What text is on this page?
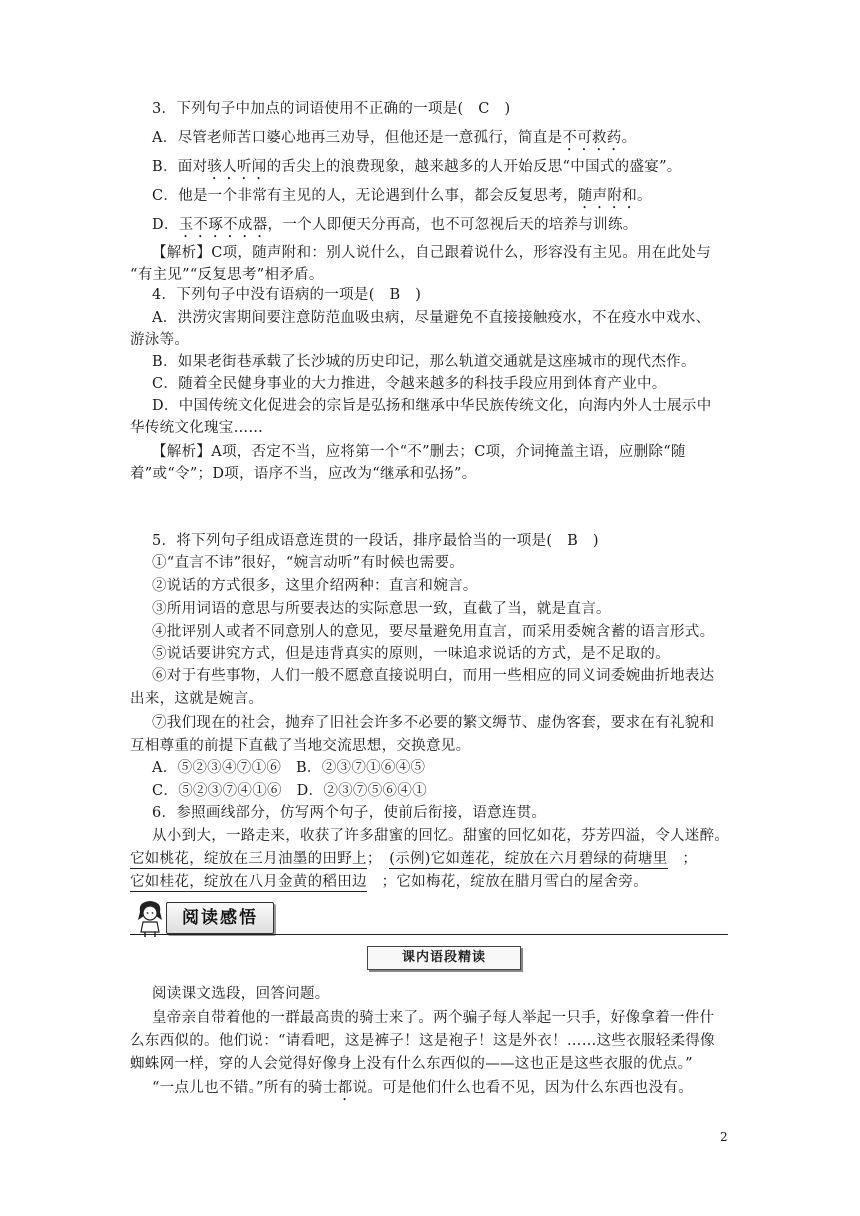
3．下列句子中加点的词语使用不正确的一项是(　C　)
A．尽管老师苦口婆心地再三劝导，但他还是一意孤行，简直是不可救药。
B．面对骇人听闻的舌尖上的浪费现象，越来越多的人开始反思“中国式的盛宴”。
C．他是一个非常有主见的人，无论遇到什么事，都会反复思考，随声附和。
D．玉不琢不成器，一个人即便天分再高，也不可忽视后天的培养与训练。
【解析】C项，随声附和：别人说什么，自己跟着说什么，形容没有主见。用在此处与
“有主见”“反复思考”相矛盾。
4．下列句子中没有语病的一项是(　B　)
A．洪涝灾害期间要注意防范血吸虫病，尽量避免不直接接触疫水，不在疫水中戏水、
游泳等。
B．如果老街巷承载了长沙城的历史印记，那么轨道交通就是这座城市的现代杰作。
C．随着全民健身事业的大力推进，令越来越多的科技手段应用到体育产业中。
D．中国传统文化促进会的宗旨是弘扬和继承中华民族传统文化，向海内外人士展示中
华传统文化瑰宝……
【解析】A项，否定不当，应将第一个“不”删去；C项，介词掩盖主语，应删除“随
着”或“令”；D项，语序不当，应改为“继承和弘扬”。
5．将下列句子组成语意连贯的一段话，排序最恰当的一项是(　B　)
①“直言不讳”很好，“婉言动听”有时候也需要。
②说话的方式很多，这里介绍两种：直言和婉言。
③所用词语的意思与所要表达的实际意思一致，直截了当，就是直言。
④批评别人或者不同意别人的意见，要尽量避免用直言，而采用委婉含蓄的语言形式。
⑤说话要讲究方式，但是违背真实的原则，一味追求说话的方式，是不足取的。
⑥对于有些事物，人们一般不愿意直接说明白，而用一些相应的同义词委婉曲折地表达
出来，这就是婉言。
⑦我们现在的社会，抛弃了旧社会许多不必要的繁文缛节、虚伪客套，要求在有礼貌和
互相尊重的前提下直截了当地交流思想，交换意见。
A．⑤②③④⑦①⑥　B．②③⑦①⑥④⑤
C．⑤②③⑦④①⑥　D．②③⑦⑤⑥④①
6．参照画线部分，仿写两个句子，使前后衔接，语意连贯。
从小到大，一路走来，收获了许多甜蜜的回忆。甜蜜的回忆如花，芬芳四溢，令人迷醉。
它如桃花，绽放在三月油墨的田野上；　 (示例)它如莲花，绽放在六月碧绿的荷塘里　 ；
它如桂花，绽放在八月金黄的稻田边　 ；它如梅花，绽放在腊月雪白的屋舍旁。
阅读感悟
课内语段精读
阅读课文选段，回答问题。
皇帝亲自带着他的一群最高贵的骑士来了。两个骗子每人举起一只手，好像拿着一件什
么东西似的。他们说：“请看吧，这是裤子！这是袍子！这是外衣！……这些衣服轻柔得像
蜘蛛网一样，穿的人会觉得好像身上没有什么东西似的——这也正是这些衣服的优点。”
“一点儿也不错。”所有的骑士都说。可是他们什么也看不见，因为什么东西也没有。
2
